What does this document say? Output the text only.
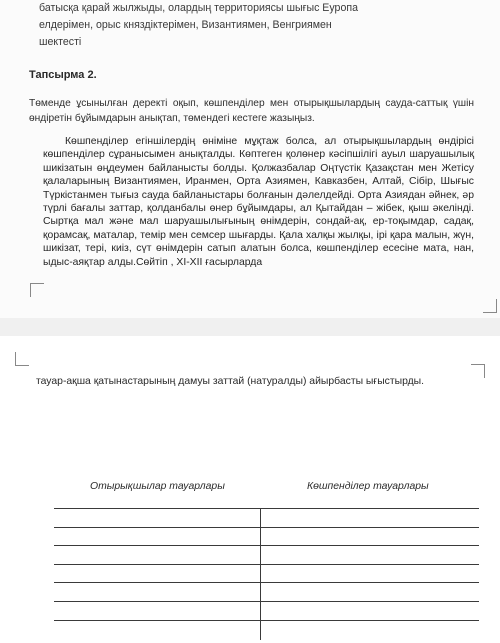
батысқа қарай жылжыды, олардың территориясы шығыс Еуропа
елдерімен, орыс княздіктерімен, Византиямен, Венгриямен
шектесті
Тапсырма 2.
Төменде ұсынылған деректі оқып, көшпенділер мен отырықшылардың сауда-саттық үшін өндіретін бұйымдарын анықтап, төмендегі кестеге жазыңыз.
Көшпенділер егіншілердің өніміне мұқтаж болса, ал отырықшылардың өндірісі көшпенділер сұранысымен анықталды. Көптеген қолөнер кәсіпшілігі ауыл шаруашылық шикізатын өңдеумен байланысты болды. Қолжазбалар Оңтүстік Қазақстан мен Жетісу қалаларының Византиямен, Иранмен, Орта Азиямен, Кавказбен, Алтай, Сібір, Шығыс Түркістанмен тығыз сауда байланыстары болғанын дәлелдейді. Орта Азиядан әйнек, әр түрлі бағалы заттар, қолданбалы өнер бұйымдары, ал Қытайдан – жібек, қыш әкелінді. Сыртқа мал және мал шаруашылығының өнімдерін, сондай-ақ, ер-тоқымдар, садақ, қорамсақ, маталар, темір мен семсер шығарды. Қала халқы жылқы, ірі қара малын, жүн, шикізат, тері, киіз, сүт өнімдерін сатып алатын болса, көшпенділер есесіне мата, нан, ыдыс-аяқтар алды.Сөйтіп , XI-XII ғасырларда
тауар-ақша қатынастарының дамуы заттай (натуралды) айырбасты ығыстырды.
Отырықшылар тауарлары	Көшпенділер тауарлары
